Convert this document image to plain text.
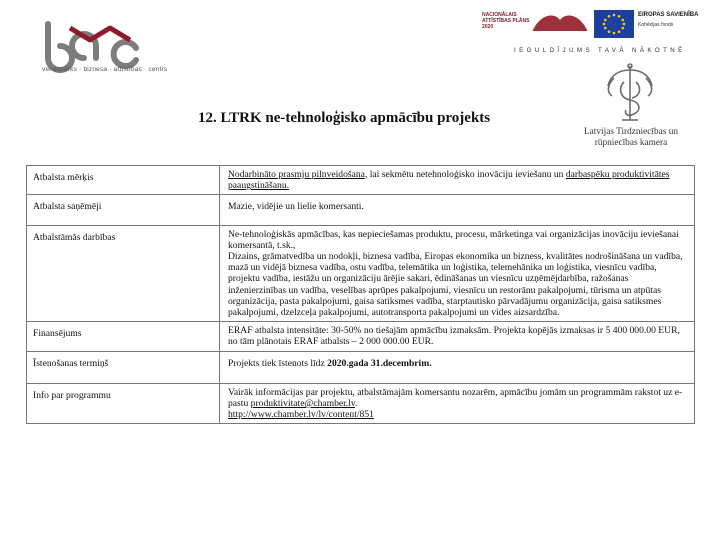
verslspārks · biznesa · attīstības · centrs
NACIONĀLAIS ATTĪSTĪBAS PLĀNS 2020
EIROPAS SAVIENĪBA
Kohēzijas fonds
IEGULDĪJUMS TAVĀ NĀKOTNĒ
Latvijas Tirdzniecības un rūpniecības kamera
12. LTRK ne-tehnoloģisko apmācību projekts
Atbalsta mērķis	Nodarbināto prasmju pilnveidošana, lai sekmētu netehnoloģisko inovāciju ieviešanu un darbaspēku produktivitātes paaugstināšanu.
Atbalsta saņēmēji	Mazie, vidējie un lielie komersanti.
Atbalstāmās darbības	Ne-tehnoloģiskās apmācības, kas nepieciešamas produktu, procesu, mārketinga vai organizācijas inovāciju ieviešanai komersantā, t.sk.,
Dizains, grāmatvedība un nodokļi, biznesa vadība, Eiropas ekonomika un bizness, kvalitātes nodrošināšana un vadība, mazā un vidējā biznesa vadība, ostu vadība, telemātika un loģistika, telemehānika un loģistika, viesnīcu vadība, projektu vadība, iestāžu un organizāciju ārējie sakari, ēdināšanas un viesnīcu uzņēmējdarbība, ražošanas inženierzinības un vadība, veselības aprūpes pakalpojumi, viesnīcu un restorānu pakalpojumi, tūrisma un atpūtas organizācija, pasta pakalpojumi, gaisa satiksmes vadība, starptautisko pārvadājumu organizācija, gaisa satiksmes pakalpojumi, dzelzceļa pakalpojumi, autotransporta pakalpojumi un vides aizsardzība.

Finansējums	ERAF atbalsta intensitāte: 30-50% no tiešajām apmācību izmaksām. Projekta kopējās izmaksas ir 5 400 000.00 EUR, no tām plānotais ERAF atbalsts – 2 000 000.00 EUR.
Īstenošanas termiņš	Projekts tiek īstenots līdz 2020.gada 31.decembrim.
Info par programmu	Vairāk informācijas par projektu, atbalstāmajām komersantu nozarēm, apmācību jomām un programmām rakstot uz e-pastu produktivitate@chamber.lv.
http://www.chamber.lv/lv/content/851
